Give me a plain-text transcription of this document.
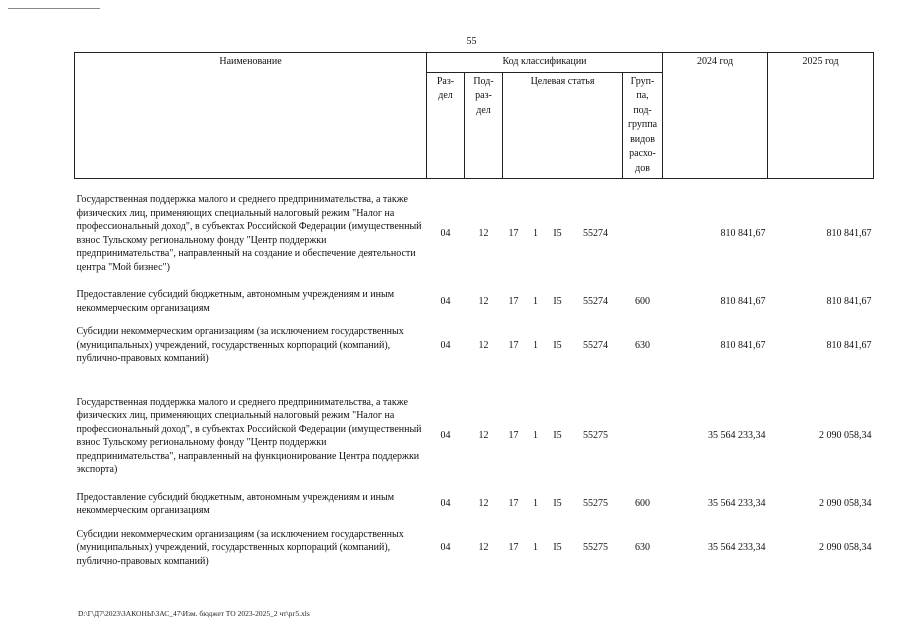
55
Наименование	Код классификации							2024 год	2025 год
	Раз-дел	Под-раз-дел	Целевая статья				Груп-па, под-группа видов расхо-дов		

Государственная поддержка малого и среднего предпринимательства, а также физических лиц, применяющих специальный налоговый режим "Налог на профессиональный доход", в субъектах Российской Федерации (имущественный взнос Тульскому региональному фонду "Центр поддержки предпринимательства", направленный на создание и обеспечение деятельности центра "Мой бизнес")	04	12	17	1	I5	55274		810 841,67	810 841,67

Предоставление субсидий бюджетным, автономным учреждениям и иным некоммерческим организациям	04	12	17	1	I5	55274	600	810 841,67	810 841,67

Субсидии некоммерческим организациям (за исключением государственных (муниципальных) учреждений, государственных корпораций (компаний), публично-правовых компаний)	04	12	17	1	I5	55274	630	810 841,67	810 841,67

Государственная поддержка малого и среднего предпринимательства, а также физических лиц, применяющих специальный налоговый режим "Налог на профессиональный доход", в субъектах Российской Федерации (имущественный взнос Тульскому региональному фонду "Центр поддержки предпринимательства", направленный на функционирование Центра поддержки экспорта)	04	12	17	1	I5	55275		35 564 233,34	2 090 058,34

Предоставление субсидий бюджетным, автономным учреждениям и иным некоммерческим организациям	04	12	17	1	I5	55275	600	35 564 233,34	2 090 058,34

Субсидии некоммерческим организациям (за исключением государственных (муниципальных) учреждений, государственных корпораций (компаний), публично-правовых компаний)	04	12	17	1	I5	55275	630	35 564 233,34	2 090 058,34
D:\Г\Д7\2023\ЗАКОНЫ\ЗАС_47\Изм. бюджет ТО 2023-2025_2 чт\рг5.xls
